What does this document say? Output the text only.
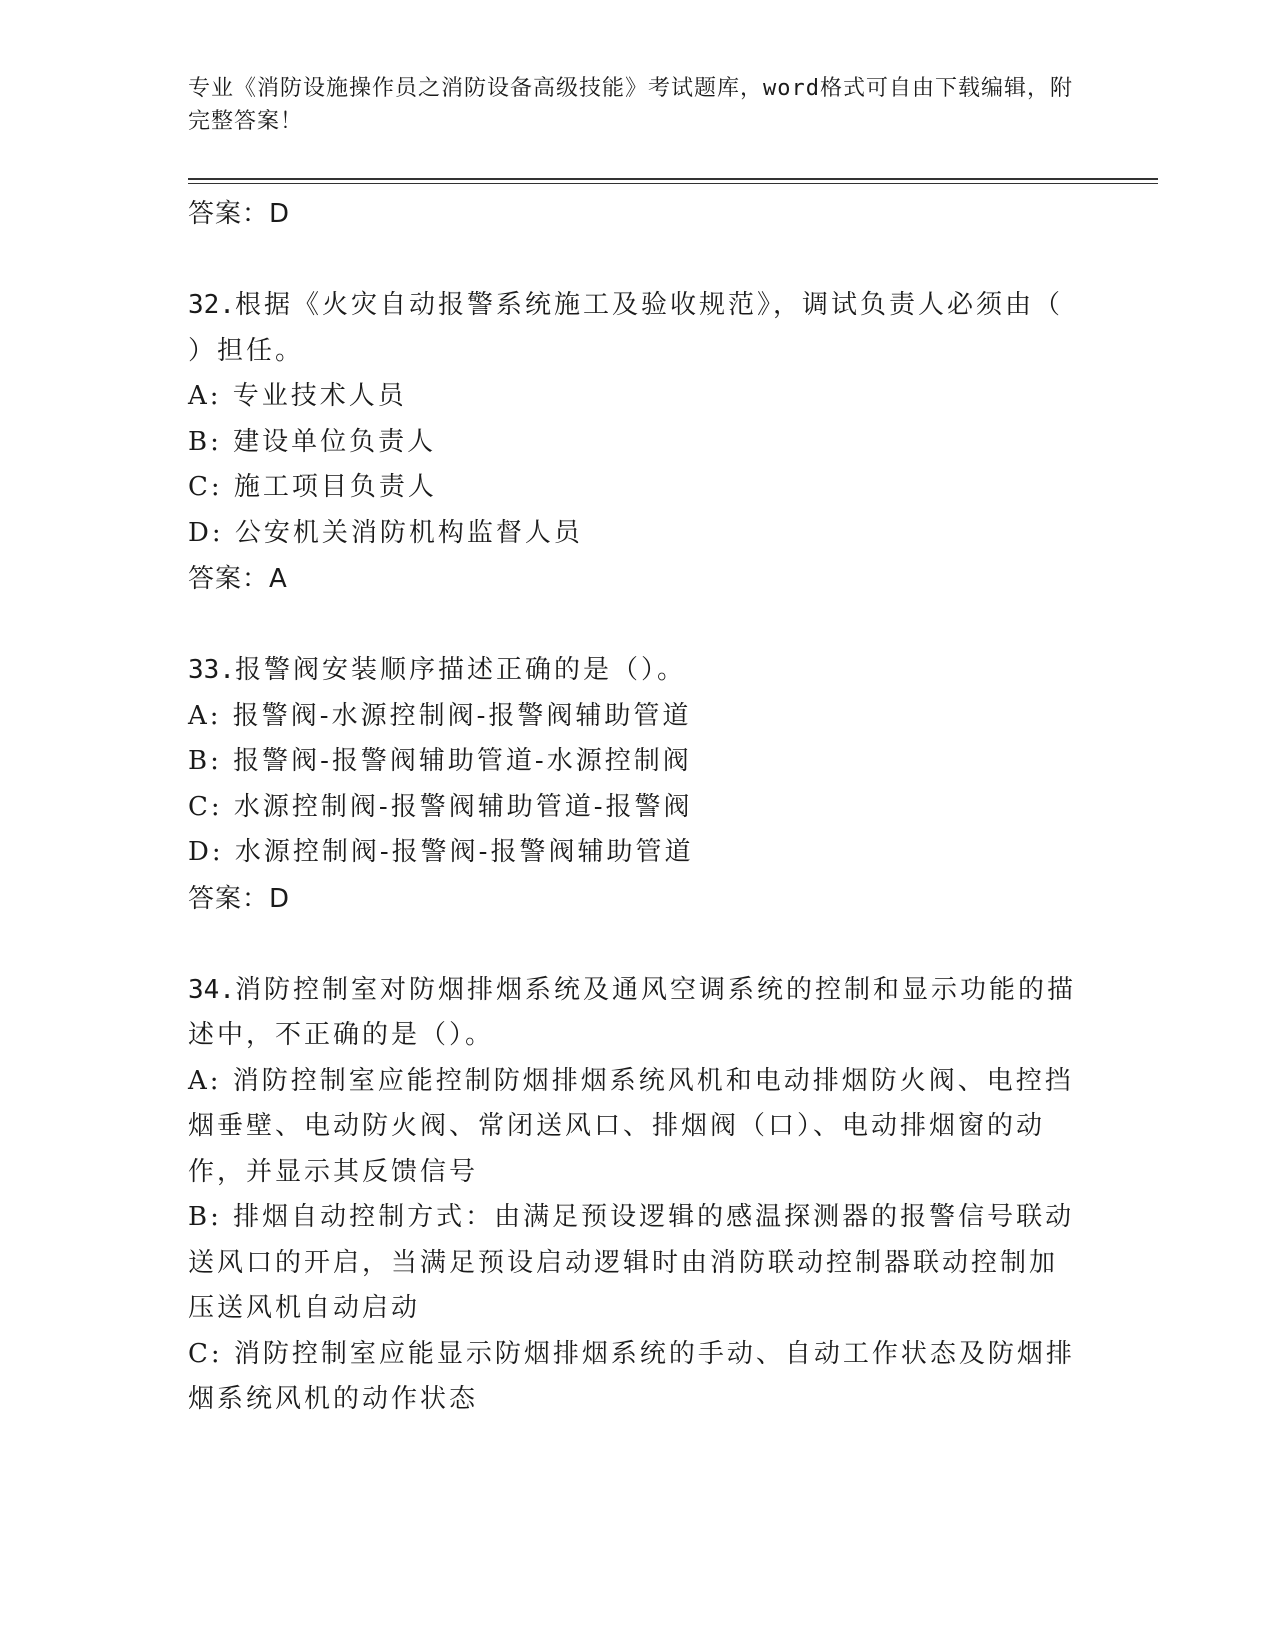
专业《消防设施操作员之消防设备高级技能》考试题库，word格式可自由下载编辑，附完整答案！

答案：D

32.根据《火灾自动报警系统施工及验收规范》，调试负责人必须由（ ）担任。

A: 专业技术人员

B: 建设单位负责人

C: 施工项目负责人

D: 公安机关消防机构监督人员

答案：A

33.报警阀安装顺序描述正确的是（）。

A: 报警阀-水源控制阀-报警阀辅助管道

B: 报警阀-报警阀辅助管道-水源控制阀

C: 水源控制阀-报警阀辅助管道-报警阀

D: 水源控制阀-报警阀-报警阀辅助管道

答案：D

34.消防控制室对防烟排烟系统及通风空调系统的控制和显示功能的描述中，不正确的是（）。

A: 消防控制室应能控制防烟排烟系统风机和电动排烟防火阀、电控挡烟垂壁、电动防火阀、常闭送风口、排烟阀（口）、电动排烟窗的动作，并显示其反馈信号

B: 排烟自动控制方式：由满足预设逻辑的感温探测器的报警信号联动送风口的开启，当满足预设启动逻辑时由消防联动控制器联动控制加压送风机自动启动

C: 消防控制室应能显示防烟排烟系统的手动、自动工作状态及防烟排烟系统风机的动作状态
